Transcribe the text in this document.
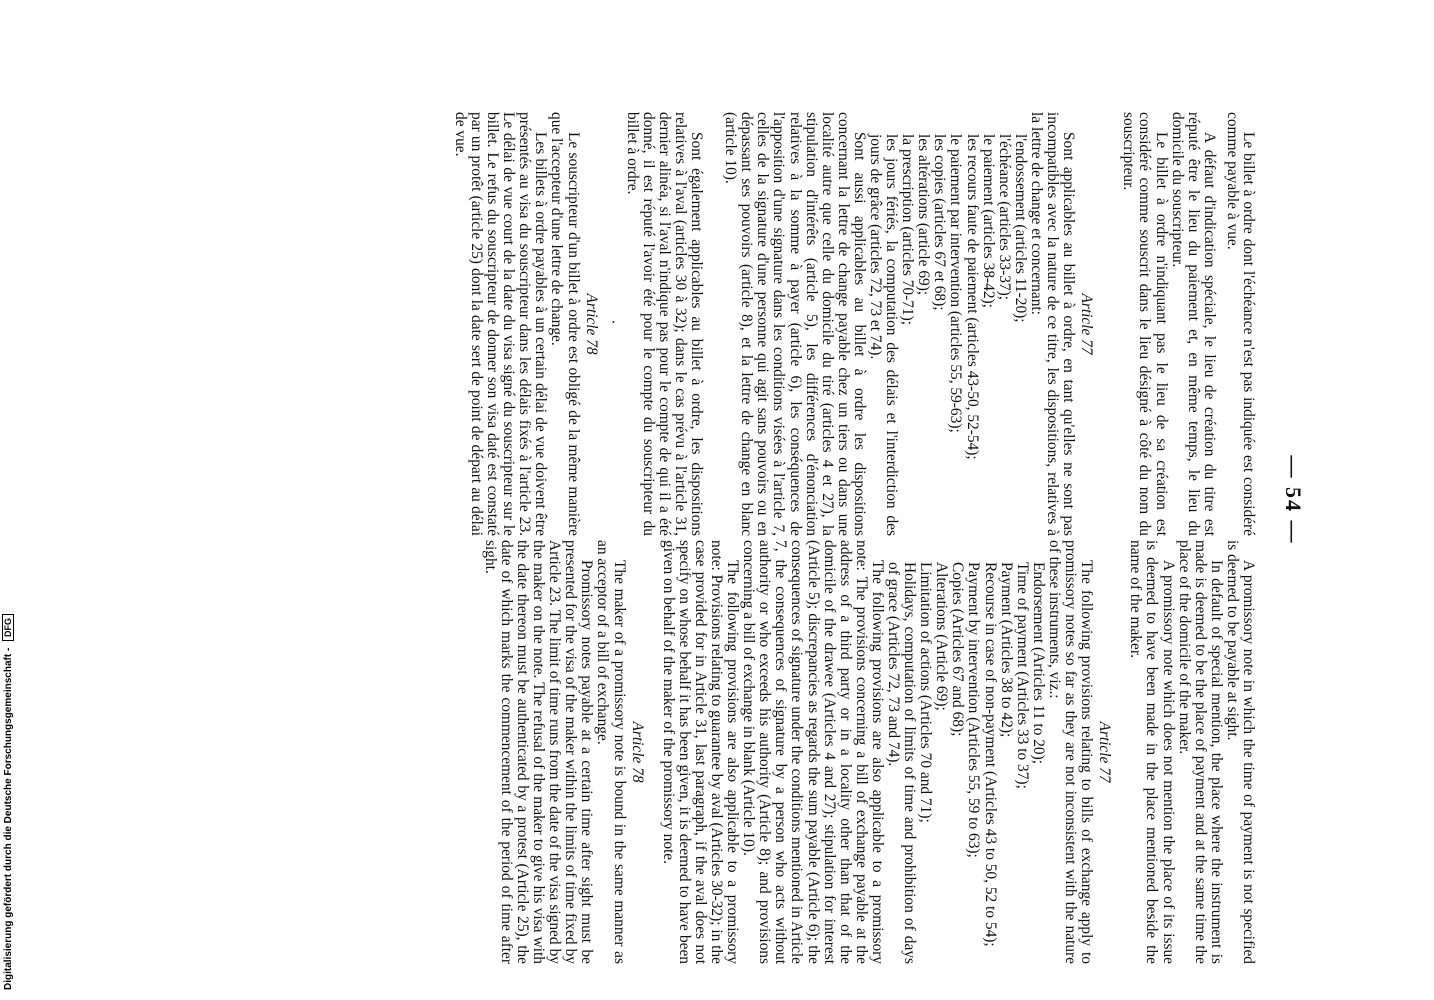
— 54 —

Le billet à ordre dont l'échéance n'est pas indiquée est considéré comme payable à vue.

A défaut d'indication spéciale, le lieu de création du titre est réputé être le lieu du paiement et, en même temps, le lieu du domicile du souscripteur.

Le billet à ordre n'indiquant pas le lieu de sa création est considéré comme souscrit dans le lieu désigné à côté du nom du souscripteur.

Article 77

Sont applicables au billet à ordre, en tant qu'elles ne sont pas incompatibles avec la nature de ce titre, les dispositions, relatives à la lettre de change et concernant:

l'endossement (articles 11-20);

l'échéance (articles 33-37);

le paiement (articles 38-42);

les recours faute de paiement (articles 43-50, 52-54);

le paiement par intervention (articles 55, 59-63);

les copies (articles 67 et 68);

les altérations (article 69);

la prescription (articles 70-71);

les jours fériés, la computation des délais et l'interdiction des jours de grâce (articles 72, 73 et 74).

Sont aussi applicables au billet à ordre les dispositions concernant la lettre de change payable chez un tiers ou dans une localité autre que celle du domicile du tiré (articles 4 et 27), la stipulation d'intérêts (article 5), les différences d'énonciation relatives à la somme à payer (article 6), les conséquences de l'apposition d'une signature dans les conditions visées à l'article 7, celles de la signature d'une personne qui agit sans pouvoirs ou en dépassant ses pouvoirs (article 8), et la lettre de change en blanc (article 10).

Sont également applicables au billet à ordre, les dispositions relatives à l'aval (articles 30 à 32); dans le cas prévu à l'article 31, dernier alinéa, si l'aval n'indique pas pour le compte de qui il a été donné, il est réputé l'avoir été pour le compte du souscripteur du billet à ordre.

·

Article 78

Le souscripteur d'un billet à ordre est obligé de la même manière que l'accepteur d'une lettre de change.

Les billets à ordre payables à un certain délai de vue doivent être présentés au visa du souscripteur dans les délais fixés à l'article 23. Le délai de vue court de la date du visa signé du souscripteur sur le billet. Le refus du souscripteur de donner son visa daté est constaté par un protêt (article 25) dont la date sert de point de départ au délai de vue.

A promissory note in which the time of payment is not specified is deemed to be payable at sight.

In default of special mention, the place where the instrument is made is deemed to be the place of payment and at the same time the place of the domicile of the maker.

A promissory note which does not mention the place of its issue is deemed to have been made in the place mentioned beside the name of the maker.

Article 77

The following provisions relating to bills of exchange apply to promissory notes so far as they are not inconsistent with the nature of these instruments, viz.:

Endorsement (Articles 11 to 20);

Time of payment (Articles 33 to 37);

Payment (Articles 38 to 42);

Recourse in case of non-payment (Articles 43 to 50, 52 to 54);

Payment by intervention (Articles 55, 59 to 63);

Copies (Articles 67 and 68);

Alterations (Article 69);

Limitation of actions (Articles 70 and 71);

Holidays, computation of limits of time and prohibition of days of grace (Articles 72, 73 and 74).

The following provisions are also applicable to a promissory note: The provisions concerning a bill of exchange payable at the address of a third party or in a locality other than that of the domicile of the drawee (Articles 4 and 27); stipulation for interest (Article 5); discrepancies as regards the sum payable (Article 6); the consequences of signature under the conditions mentioned in Article 7, the consequences of signature by a person who acts without authority or who exceeds his authority (Article 8); and provisions concerning a bill of exchange in blank (Article 10).

The following provisions are also applicable to a promissory note: Provisions relating to guarantee by aval (Articles 30-32); in the case provided for in Article 31, last paragraph, if the aval does not specify on whose behalf it has been given, it is deemed to have been given on behalf of the maker of the promissory note.

Article 78

The maker of a promissory note is bound in the same manner as an acceptor of a bill of exchange.

Promissory notes payable at a certain time after sight must be presented for the visa of the maker within the limits of time fixed by Article 23. The limit of time runs from the date of the visa signed by the maker on the note. The refusal of the maker to give his visa with the date thereon must be authenticated by a protest (Article 25), the date of which marks the commencement of the period of time after sight.

Digitalisierung gefördert durch die Deutsche Forschungsgemeinschaft - DFG
